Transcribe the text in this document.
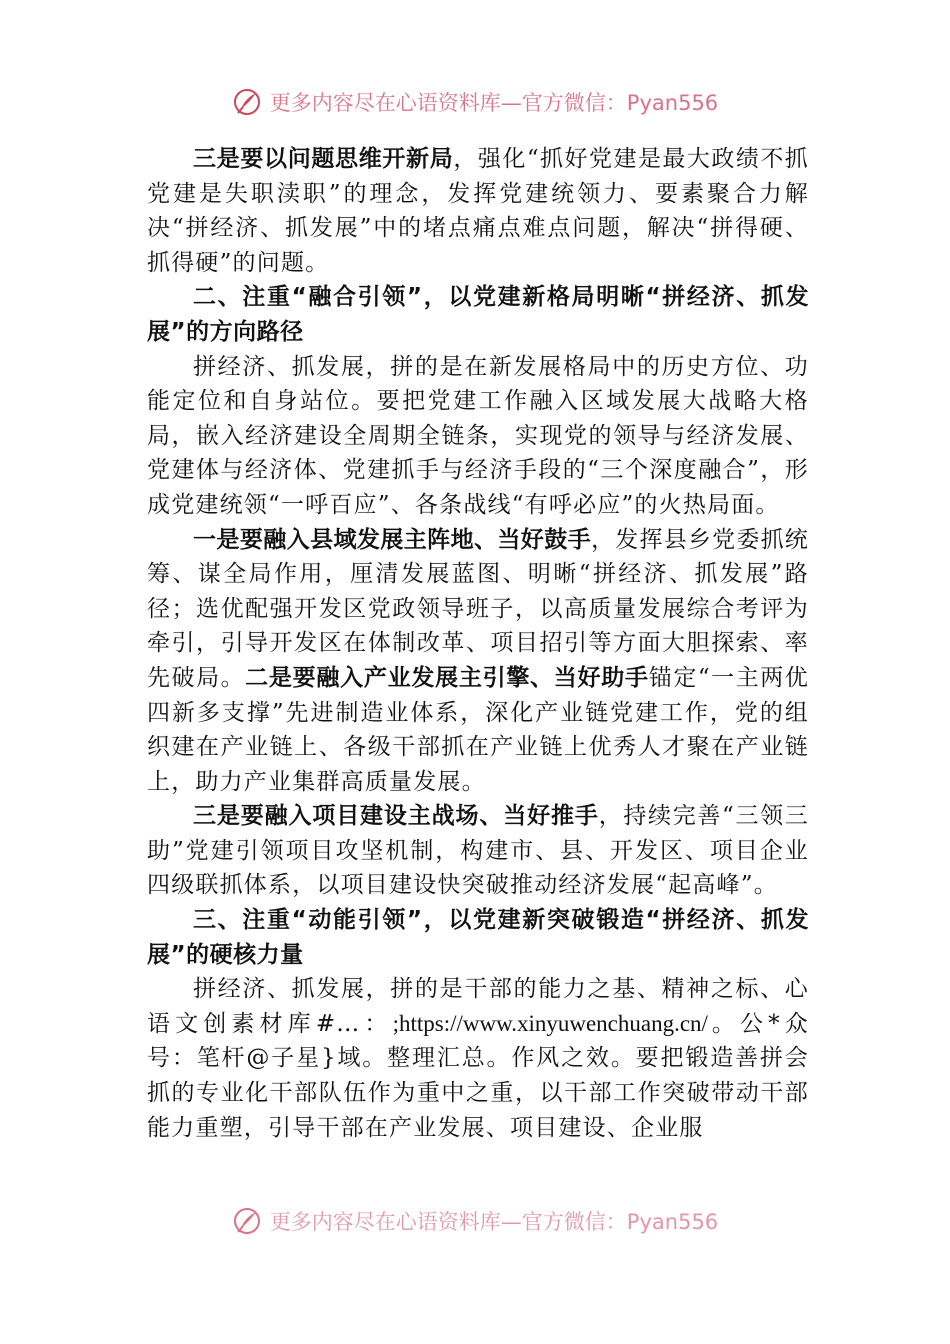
更多内容尽在心语资料库—官方微信：Pyan556

三是要以问题思维开新局，强化“抓好党建是最大政绩不抓党建是失职渎职”的理念，发挥党建统领力、要素聚合力解决“拼经济、抓发展”中的堵点痛点难点问题，解决“拼得硬、抓得硬”的问题。

二、注重“融合引领”，以党建新格局明晰“拼经济、抓发展”的方向路径

拼经济、抓发展，拼的是在新发展格局中的历史方位、功能定位和自身站位。要把党建工作融入区域发展大战略大格局，嵌入经济建设全周期全链条，实现党的领导与经济发展、党建体与经济体、党建抓手与经济手段的“三个深度融合”，形成党建统领“一呼百应”、各条战线“有呼必应”的火热局面。

一是要融入县域发展主阵地、当好鼓手，发挥县乡党委抓统筹、谋全局作用，厘清发展蓝图、明晰“拼经济、抓发展”路径；选优配强开发区党政领导班子，以高质量发展综合考评为牵引，引导开发区在体制改革、项目招引等方面大胆探索、率先破局。二是要融入产业发展主引擎、当好助手锚定“一主两优四新多支撑”先进制造业体系，深化产业链党建工作，党的组织建在产业链上、各级干部抓在产业链上优秀人才聚在产业链上，助力产业集群高质量发展。

三是要融入项目建设主战场、当好推手，持续完善“三领三助”党建引领项目攻坚机制，构建市、县、开发区、项目企业四级联抓体系，以项目建设快突破推动经济发展“起高峰”。

三、注重“动能引领”，以党建新突破锻造“拼经济、抓发展”的硬核力量

拼经济、抓发展，拼的是干部的能力之基、精神之标、心语文创素材库#…：;https://www.xinyuwenchuang.cn/。公*众号：笔杆@子星}域。整理汇总。作风之效。要把锻造善拼会抓的专业化干部队伍作为重中之重，以干部工作突破带动干部能力重塑，引导干部在产业发展、项目建设、企业服

更多内容尽在心语资料库—官方微信：Pyan556
